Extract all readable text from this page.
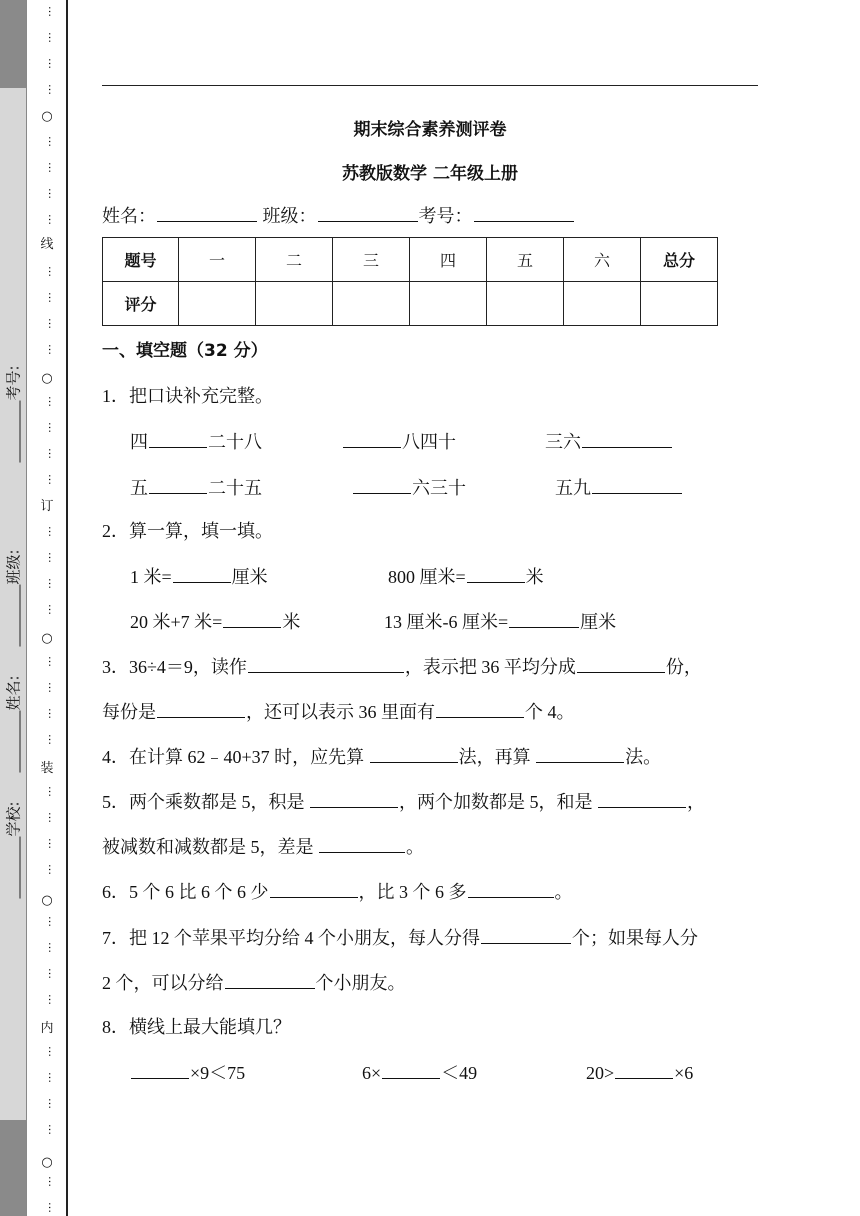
考号:
班级:
姓名:
学校:
…
…
…
…
○
…
…
…
…
线
…
…
…
…
○
…
…
…
…
订
…
…
…
…
○
…
…
…
…
装
…
…
…
…
○
…
…
…
…
内
…
…
…
…
○
…
…
期末综合素养测评卷
苏教版数学 二年级上册
姓名：	班级：	考号：
题号	一	二	三	四	五	六	总分
评分							
一、填空题（32 分）
1．把口诀补充完整。
四	二十八	八四十	三六
五	二十五	六三十	五九
2．算一算，填一填。
1 米=	厘米	800 厘米=	米
20 米+7 米=	米	13 厘米-6 厘米=	厘米
3．36÷4＝9，读作	，表示把 36 平均分成	份，
每份是	，还可以表示 36 里面有	个 4。
4．在计算 62﹣40+37 时，应先算	法，再算	法。
5．两个乘数都是 5，积是	，两个加数都是 5，和是	，
被减数和减数都是 5，差是	。
6．5 个 6 比 6 个 6 少	，比 3 个 6 多	。
7．把 12 个苹果平均分给 4 个小朋友，每人分得	个；如果每人分
2 个，可以分给	个小朋友。
8．横线上最大能填几？
×9＜75	6×	＜49	20>	×6
